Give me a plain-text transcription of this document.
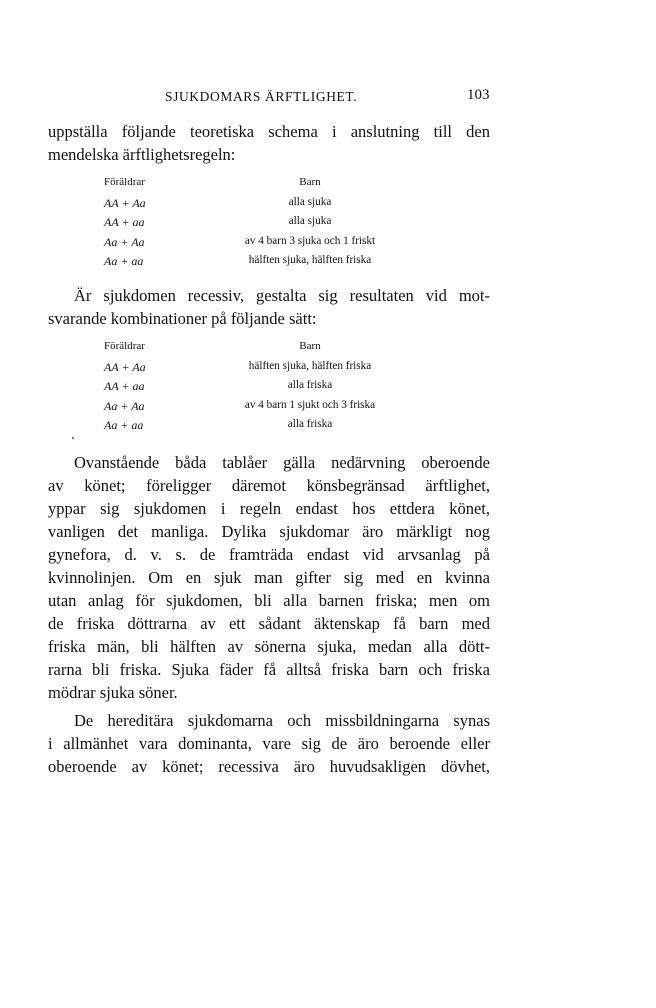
SJUKDOMARS ÄRFTLIGHET.	103
uppställa följande teoretiska schema i anslutning till den
mendelska ärftlighetsregeln:
Föräldrar	Barn
AA + Aa	alla sjuka
AA + aa	alla sjuka
Aa + Aa	av 4 barn 3 sjuka och 1 friskt
Aa + aa	hälften sjuka, hälften friska
Är sjukdomen recessiv, gestalta sig resultaten vid mot-
svarande kombinationer på följande sätt:
Föräldrar	Barn
AA + Aa	hälften sjuka, hälften friska
AA + aa	alla friska
Aa + Aa	av 4 barn 1 sjukt och 3 friska
Aa + aa	alla friska
Ovanstående båda tablåer gälla nedärvning oberoende
av könet; föreligger däremot könsbegränsad ärftlighet,
yppar sig sjukdomen i regeln endast hos ettdera könet,
vanligen det manliga. Dylika sjukdomar äro märkligt nog
gynefora, d. v. s. de framträda endast vid arvsanlag på
kvinnolinjen. Om en sjuk man gifter sig med en kvinna
utan anlag för sjukdomen, bli alla barnen friska; men om
de friska döttrarna av ett sådant äktenskap få barn med
friska män, bli hälften av sönerna sjuka, medan alla dött-
rarna bli friska. Sjuka fäder få alltså friska barn och friska
mödrar sjuka söner.
De hereditära sjukdomarna och missbildningarna synas
i allmänhet vara dominanta, vare sig de äro beroende eller
oberoende av könet; recessiva äro huvudsakligen dövhet,
